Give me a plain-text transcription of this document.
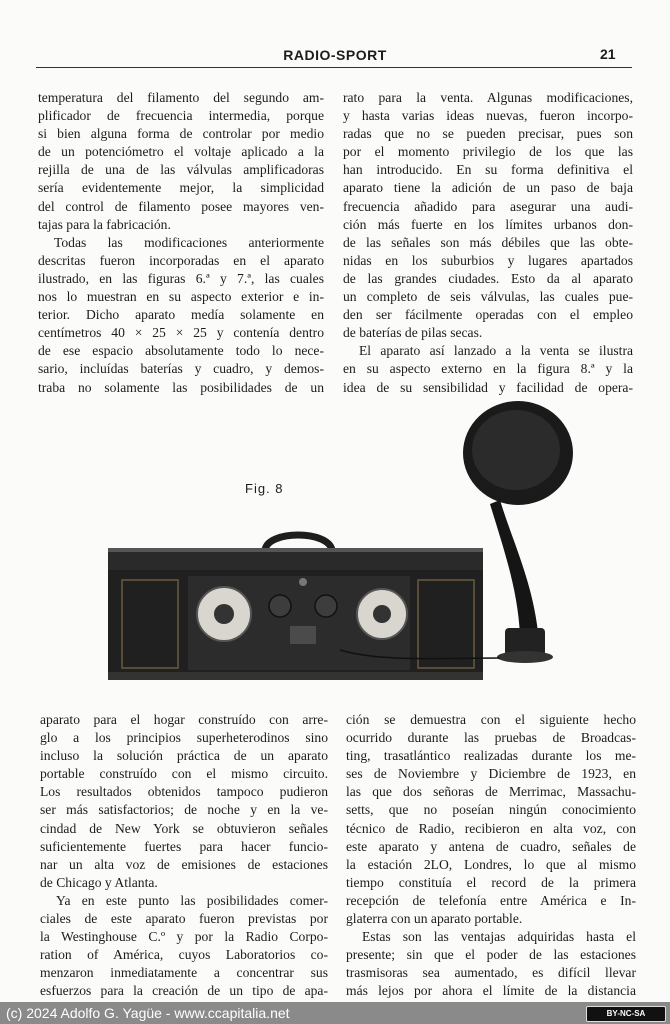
RADIO-SPORT	21
temperatura del filamento del segundo am-
plificador de frecuencia intermedia, porque
si bien alguna forma de controlar por medio
de un potenciómetro el voltaje aplicado a la
rejilla de una de las válvulas amplificadoras
sería evidentemente mejor, la simplicidad
del control de filamento posee mayores ven-
tajas para la fabricación.
Todas las modificaciones anteriormente
descritas fueron incorporadas en el aparato
ilustrado, en las figuras 6.ª y 7.ª, las cuales
nos lo muestran en su aspecto exterior e in-
terior. Dicho aparato medía solamente en
centímetros 40 × 25 × 25 y contenía dentro
de ese espacio absolutamente todo lo nece-
sario, incluídas baterías y cuadro, y demos-
traba no solamente las posibilidades de un
rato para la venta. Algunas modificaciones,
y hasta varias ideas nuevas, fueron incorpo-
radas que no se pueden precisar, pues son
por el momento privilegio de los que las
han introducido. En su forma definitiva el
aparato tiene la adición de un paso de baja
frecuencia añadido para asegurar una audi-
ción más fuerte en los límites urbanos don-
de las señales son más débiles que las obte-
nidas en los suburbios y lugares apartados
de las grandes ciudades. Esto da al aparato
un completo de seis válvulas, las cuales pue-
den ser fácilmente operadas con el empleo
de baterías de pilas secas.
El aparato así lanzado a la venta se ilustra
en su aspecto externo en la figura 8.ª y la
idea de su sensibilidad y facilidad de opera-
Fig. 8
aparato para el hogar construído con arre-
glo a los principios superheterodinos sino
incluso la solución práctica de un aparato
portable construído con el mismo circuito.
Los resultados obtenidos tampoco pudieron
ser más satisfactorios; de noche y en la ve-
cindad de New York se obtuvieron señales
suficientemente fuertes para hacer funcio-
nar un alta voz de emisiones de estaciones
de Chicago y Atlanta.
Ya en este punto las posibilidades comer-
ciales de este aparato fueron previstas por
la Westinghouse C.º y por la Radio Corpo-
ration of América, cuyos Laboratorios co-
menzaron inmediatamente a concentrar sus
esfuerzos para la creación de un tipo de apa-
ción se demuestra con el siguiente hecho
ocurrido durante las pruebas de Broadcas-
ting, trasatlántico realizadas durante los me-
ses de Noviembre y Diciembre de 1923, en
las que dos señoras de Merrimac, Massachu-
setts, que no poseían ningún conocimiento
técnico de Radio, recibieron en alta voz, con
este aparato y antena de cuadro, señales de
la estación 2LO, Londres, lo que al mismo
tiempo constituía el record de la primera
recepción de telefonía entre América e In-
glaterra con un aparato portable.
Estas son las ventajas adquiridas hasta el
presente; sin que el poder de las estaciones
trasmisoras sea aumentado, es difícil llevar
más lejos por ahora el límite de la distancia
(c) 2024 Adolfo G. Yagüe - www.ccapitalia.net	BY-NC-SA
